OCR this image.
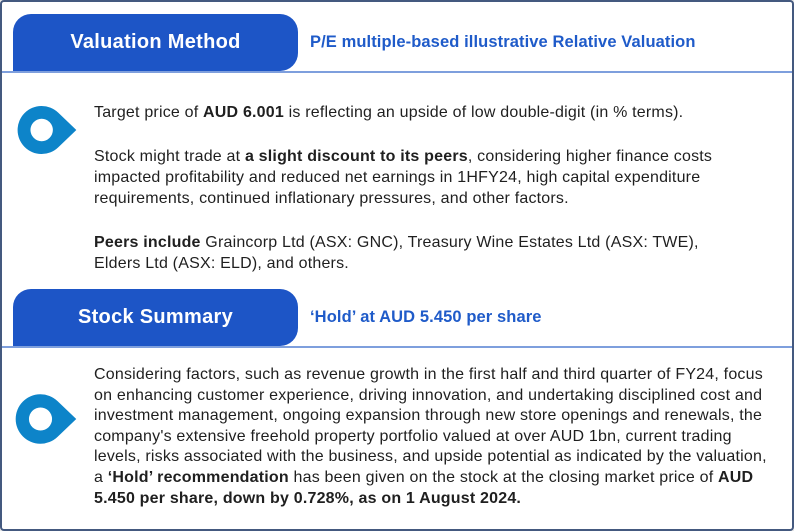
Valuation Method	P/E multiple-based illustrative Relative Valuation

Target price of AUD 6.001 is reflecting an upside of low double-digit (in % terms).

Stock might trade at a slight discount to its peers, considering higher finance costs impacted profitability and reduced net earnings in 1HFY24, high capital expenditure requirements, continued inflationary pressures, and other factors.

Peers include Graincorp Ltd (ASX: GNC), Treasury Wine Estates Ltd (ASX: TWE), Elders Ltd (ASX: ELD), and others.

Stock Summary	‘Hold’ at AUD 5.450 per share

Considering factors, such as revenue growth in the first half and third quarter of FY24, focus on enhancing customer experience, driving innovation, and undertaking disciplined cost and investment management, ongoing expansion through new store openings and renewals, the company's extensive freehold property portfolio valued at over AUD 1bn, current trading levels, risks associated with the business, and upside potential as indicated by the valuation, a ‘Hold’ recommendation has been given on the stock at the closing market price of AUD 5.450 per share, down by 0.728%, as on 1 August 2024.
